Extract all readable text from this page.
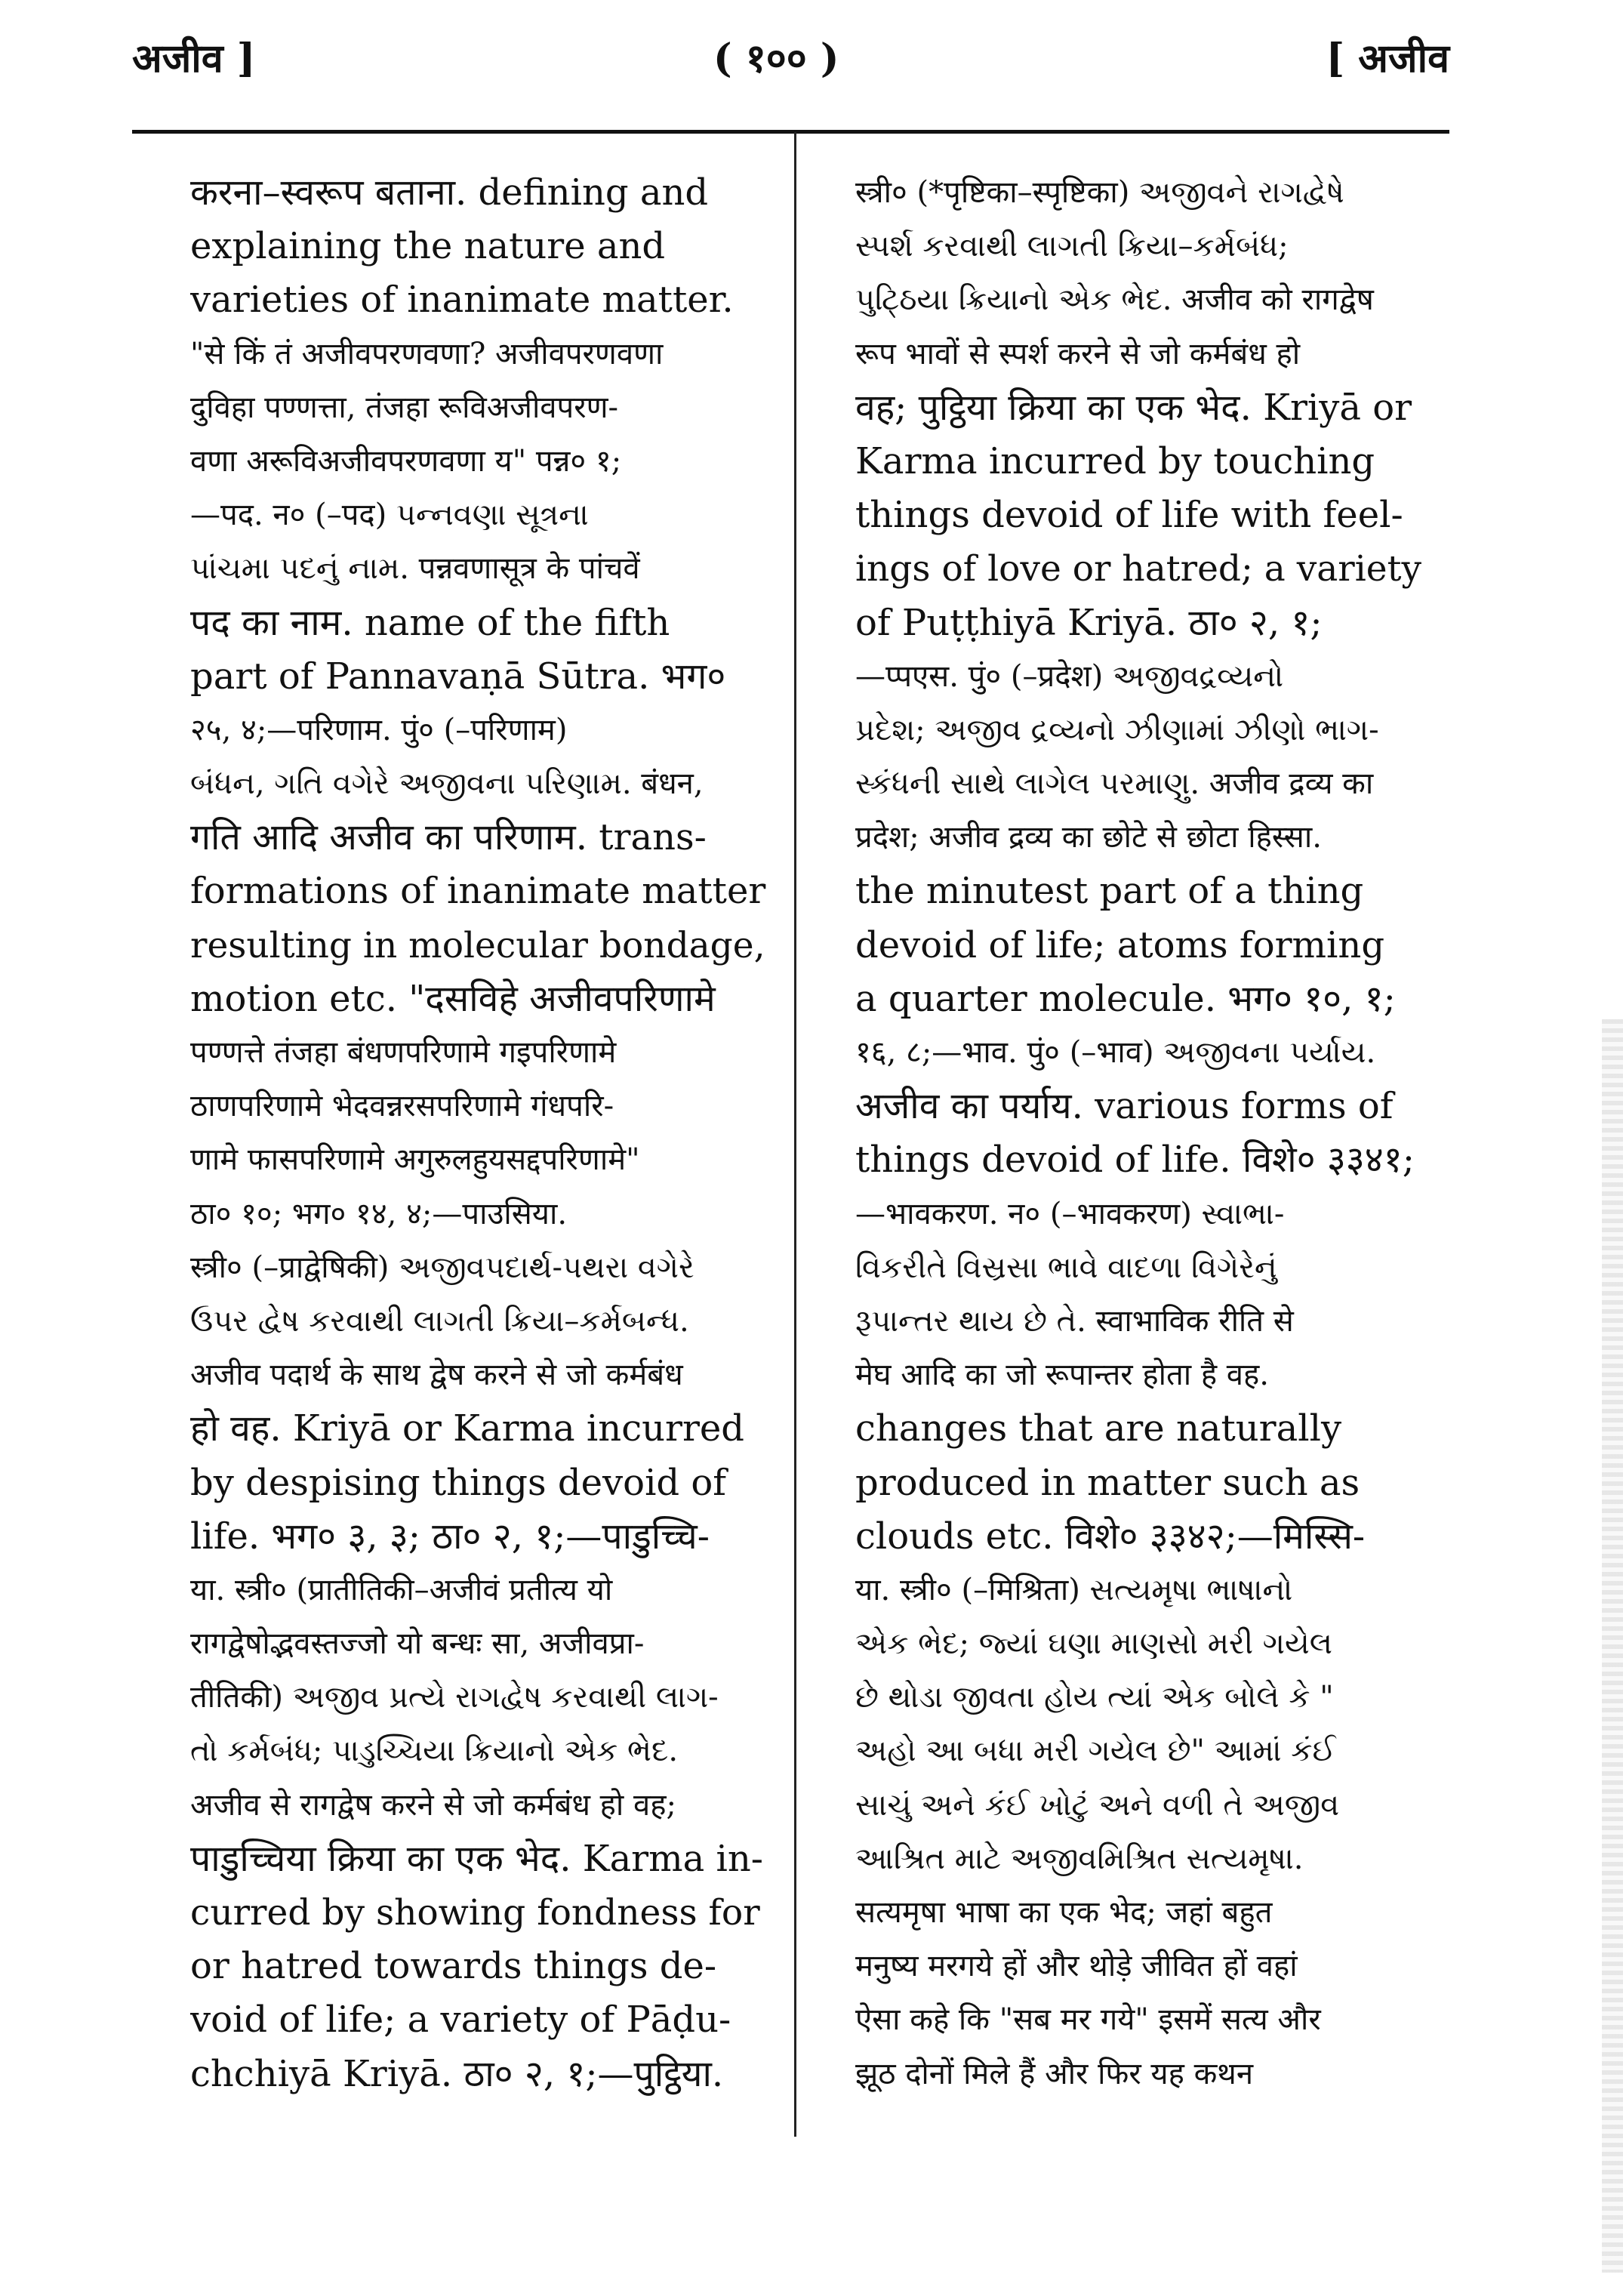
अजीव ]	( १०० )	[ अजीव
करना–स्वरूप बताना. defining and
explaining the nature and
varieties of inanimate matter.
"से किं तं अजीवपरणवणा? अजीवपरणवणा
दुविहा पण्णत्ता, तंजहा रूविअजीवपरण-
वणा अरूविअजीवपरणवणा य" पन्न० १;
—पद. न० (–पद) પન્નવણા સૂત્રના
પાંચમા પદનું નામ. पन्नवणासूत्र के पांचवें
पद का नाम. name of the fifth
part of Pannavaṇā Sūtra. भग०
२५, ४;—परिणाम. पुं० (–परिणाम)
બંધન, ગતિ વગેરે અજીવના પરિણામ. बंधन,
गति आदि अजीव का परिणाम. trans-
formations of inanimate matter
resulting in molecular bondage,
motion etc. "दसविहे अजीवपरिणामे
पण्णत्ते तंजहा बंधणपरिणामे गइपरिणामे
ठाणपरिणामे भेदवन्नरसपरिणामे गंधपरि-
णामे फासपरिणामे अगुरुलहुयसद्दपरिणामे"
ठा० १०; भग० १४, ४;—पाउसिया.
स्त्री० (–प्राद्वेषिकी) અજીવપદાર્થ-પથરા વગેરે
ઉપર દ્વેષ કરવાથી લાગતી ક્રિયા–કર્મબન્ધ.
अजीव पदार्थ के साथ द्वेष करने से जो कर्मबंध
हो वह. Kriyā or Karma incurred
by despising things devoid of
life. भग० ३, ३; ठा० २, १;—पाडुच्चि-
या. स्त्री० (प्रातीतिकी–अजीवं प्रतीत्य यो
रागद्वेषोद्भवस्तज्जो यो बन्धः सा, अजीवप्रा-
तीतिकी) અજીવ પ્રત્યે રાગદ્વેષ કરવાથી લાગ-
તો કર્મબંધ; પાડુચ્ચિયા ક્રિયાનો એક ભેદ.
अजीव से रागद्वेष करने से जो कर्मबंध हो वह;
पाडुच्चिया क्रिया का एक भेद. Karma in-
curred by showing fondness for
or hatred towards things de-
void of life; a variety of Pāḍu-
chchiyā Kriyā. ठा० २, १;—पुट्ठिया.
स्त्री० (*पृष्टिका–स्पृष्टिका) અજીવને રાગદ્વેષે
સ્પર્શ કરવાથી લાગતી ક્રિયા–કર્મબંધ;
પુટ્ઠિયા ક્રિયાનો એક ભેદ. अजीव को रागद्वेष
रूप भावों से स्पर्श करने से जो कर्मबंध हो
वह; पुट्ठिया क्रिया का एक भेद. Kriyā or
Karma incurred by touching
things devoid of life with feel-
ings of love or hatred; a variety
of Puṭṭhiyā Kriyā. ठा० २, १;
—प्पएस. पुं० (–प्रदेश) અજીવદ્રવ્યનો
પ્રદેશ; અજીવ દ્રવ્યનો ઝીણામાં ઝીણો ભાગ-
સ્કંધની સાથે લાગેલ પરમાણુ. अजीव द्रव्य का
प्रदेश; अजीव द्रव्य का छोटे से छोटा हिस्सा.
the minutest part of a thing
devoid of life; atoms forming
a quarter molecule. भग० १०, १;
१६, ८;—भाव. पुं० (–भाव) અજીવના પર્યાય.
अजीव का पर्याय. various forms of
things devoid of life. विशे० ३३४१;
—भावकरण. न० (–भावकरण) સ્વાભા-
વિકરીતે વિસ્રસા ભાવે વાદળા વિગેરેનું
રૂપાન્તર થાય છે તે. स्वाभाविक रीति से
मेघ आदि का जो रूपान्तर होता है वह.
changes that are naturally
produced in matter such as
clouds etc. विशे० ३३४२;—मिस्सि-
या. स्त्री० (–मिश्रिता) સત્યમૃષા ભાષાનો
એક ભેદ; જ્યાં ઘણા માણસો મરી ગયેલ
છે થોડા જીવતા હોય ત્યાં એક બોલે કે "
અહો આ બધા મરી ગયેલ છે" આમાં કંઈ
સાચું અને કંઈ ખોટું અને વળી તે અજીવ
આશ્રિત માટે અજીવમિશ્રિત સત્યમૃષા.
सत्यमृषा भाषा का एक भेद; जहां बहुत
मनुष्य मरगये हों और थोड़े जीवित हों वहां
ऐसा कहे कि "सब मर गये" इसमें सत्य और
झूठ दोनों मिले हैं और फिर यह कथन
